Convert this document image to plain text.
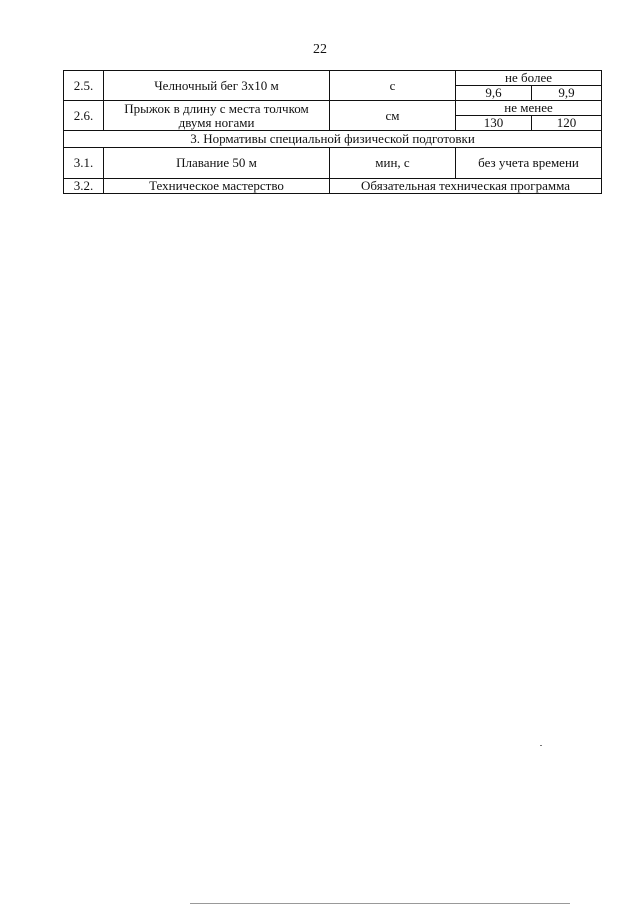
22
2.5.	Челночный бег 3х10 м	с	не более	
			9,6	9,9
2.6.	Прыжок в длину с места толчком двумя ногами	см	не менее	
			130	120
3. Нормативы специальной физической подготовки				
3.1.	Плавание 50 м	мин, с	без учета времени	
3.2.	Техническое мастерство	Обязательная техническая программа		
